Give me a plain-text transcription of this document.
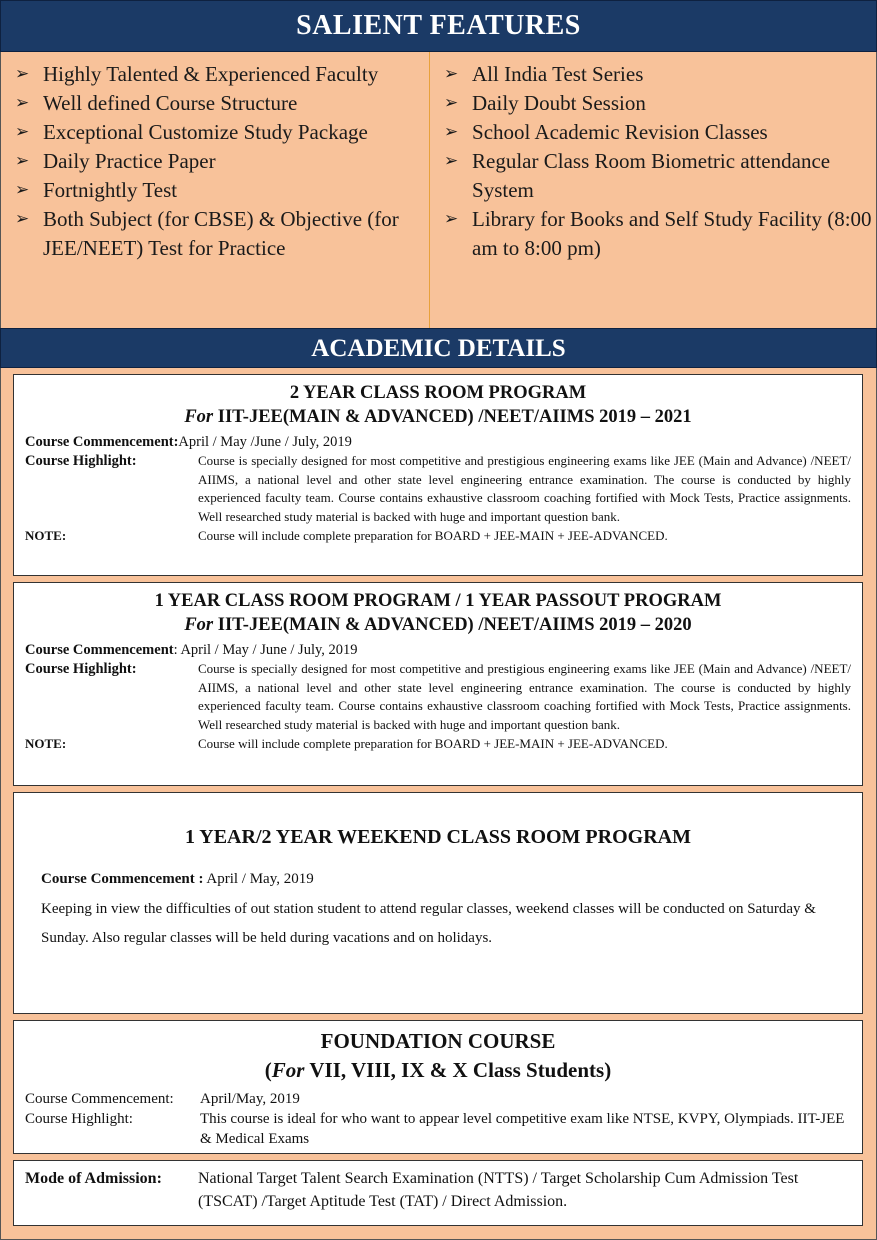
SALIENT FEATURES
➢ Highly Talented & Experienced Faculty
➢ Well defined Course Structure
➢ Exceptional Customize Study Package
➢ Daily Practice Paper
➢ Fortnightly Test
➢ Both Subject (for CBSE) & Objective (for JEE/NEET) Test for Practice
➢ All India Test Series
➢ Daily Doubt Session
➢ School Academic Revision Classes
➢ Regular Class Room Biometric attendance System
➢ Library for Books and Self Study Facility (8:00 am to 8:00 pm)
ACADEMIC DETAILS
2 YEAR CLASS ROOM PROGRAM
For IIT-JEE(MAIN & ADVANCED) /NEET/AIIMS 2019 – 2021
Course Commencement: April / May /June / July, 2019
Course Highlight:	Course is specially designed for most competitive and prestigious engineering exams like JEE (Main and Advance) /NEET/ AIIMS, a national level and other state level engineering entrance examination. The course is conducted by highly experienced faculty team. Course contains exhaustive classroom coaching fortified with Mock Tests, Practice assignments. Well researched study material is backed with huge and important question bank.
NOTE:	Course will include complete preparation for BOARD + JEE-MAIN + JEE-ADVANCED.
1 YEAR CLASS ROOM PROGRAM / 1 YEAR PASSOUT PROGRAM
For IIT-JEE(MAIN & ADVANCED) /NEET/AIIMS 2019 – 2020
Course Commencement : April / May / June / July, 2019
Course Highlight:	Course is specially designed for most competitive and prestigious engineering exams like JEE (Main and Advance) /NEET/ AIIMS, a national level and other state level engineering entrance examination. The course is conducted by highly experienced faculty team. Course contains exhaustive classroom coaching fortified with Mock Tests, Practice assignments. Well researched study material is backed with huge and important question bank.
NOTE:	Course will include complete preparation for BOARD + JEE-MAIN + JEE-ADVANCED.
1 YEAR/2 YEAR WEEKEND CLASS ROOM PROGRAM
Course Commencement : April / May, 2019
Keeping in view the difficulties of out station student to attend regular classes, weekend classes will be conducted on Saturday & Sunday. Also regular classes will be held during vacations and on holidays.
FOUNDATION COURSE
(For VII, VIII, IX & X Class Students)
Course Commencement:	April/May, 2019
Course Highlight:	This course is ideal for who want to appear level competitive exam like NTSE, KVPY, Olympiads. IIT-JEE & Medical Exams
Mode of Admission:	National Target Talent Search Examination (NTTS) / Target Scholarship Cum Admission Test (TSCAT) /Target Aptitude Test (TAT) / Direct Admission.
